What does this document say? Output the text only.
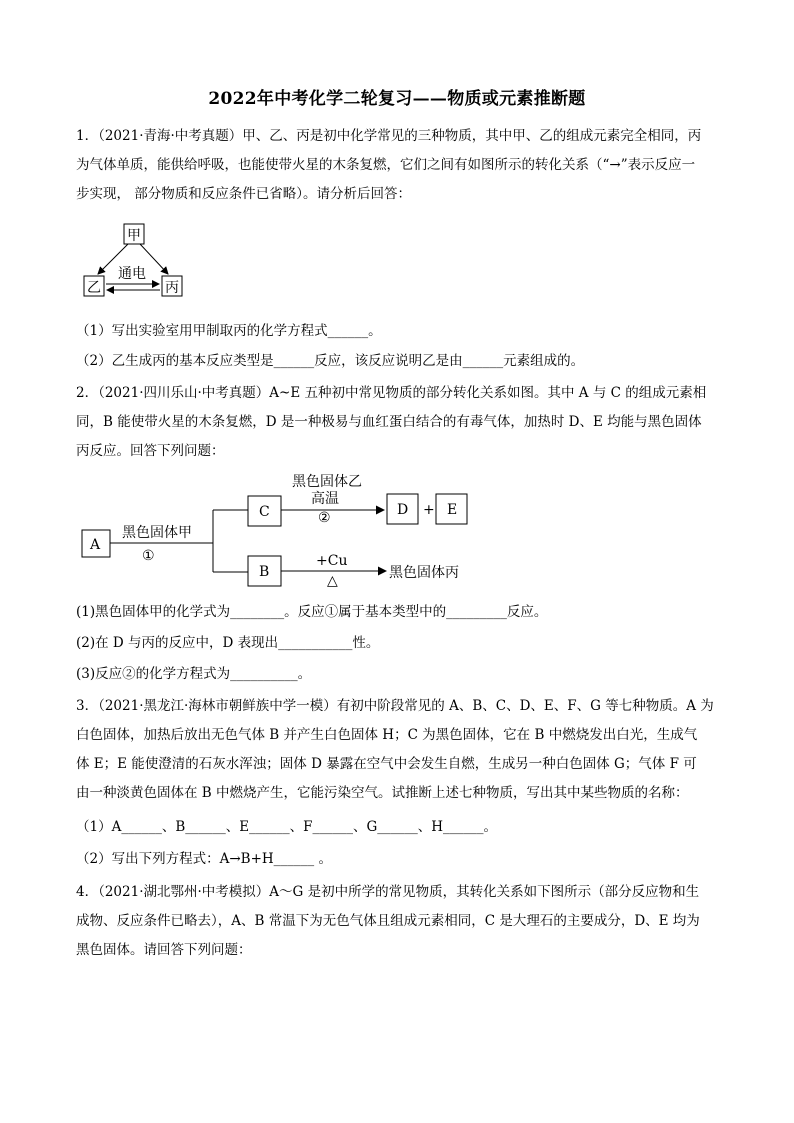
2022年中考化学二轮复习——物质或元素推断题
1．（2021·青海·中考真题）甲、乙、丙是初中化学常见的三种物质，其中甲、乙的组成元素完全相同，丙
为气体单质，能供给呼吸，也能使带火星的木条复燃，它们之间有如图所示的转化关系（“→”表示反应一
步实现， 部分物质和反应条件已省略）。请分析后回答：
甲
乙	丙
通电
（1）写出实验室用甲制取丙的化学方程式______。
（2）乙生成丙的基本反应类型是______反应，该反应说明乙是由______元素组成的。
2．（2021·四川乐山·中考真题）A~E 五种初中常见物质的部分转化关系如图。其中 A 与 C 的组成元素相
同，B 能使带火星的木条复燃，D 是一种极易与血红蛋白结合的有毒气体，加热时 D、E 均能与黑色固体
丙反应。回答下列问题：
A
黑色固体甲
①
C
黑色固体乙
高温
②	D + E
B
+Cu
△	黑色固体丙
(1)黑色固体甲的化学式为________。反应①属于基本类型中的_________反应。
(2)在 D 与丙的反应中，D 表现出___________性。
(3)反应②的化学方程式为__________。
3．（2021·黑龙江·海林市朝鲜族中学一模）有初中阶段常见的 A、B、C、D、E、F、G 等七种物质。A 为
白色固体，加热后放出无色气体 B 并产生白色固体 H；C 为黑色固体，它在 B 中燃烧发出白光，生成气
体 E；E 能使澄清的石灰水浑浊；固体 D 暴露在空气中会发生自燃，生成另一种白色固体 G；气体 F 可
由一种淡黄色固体在 B 中燃烧产生，它能污染空气。试推断上述七种物质，写出其中某些物质的名称：
（1）A______、B______、E______、F______、G______、H______。
（2）写出下列方程式：A→B+H______ 。
4．（2021·湖北鄂州·中考模拟）A～G 是初中所学的常见物质，其转化关系如下图所示（部分反应物和生
成物、反应条件已略去），A、B 常温下为无色气体且组成元素相同，C 是大理石的主要成分，D、E 均为
黑色固体。请回答下列问题：
